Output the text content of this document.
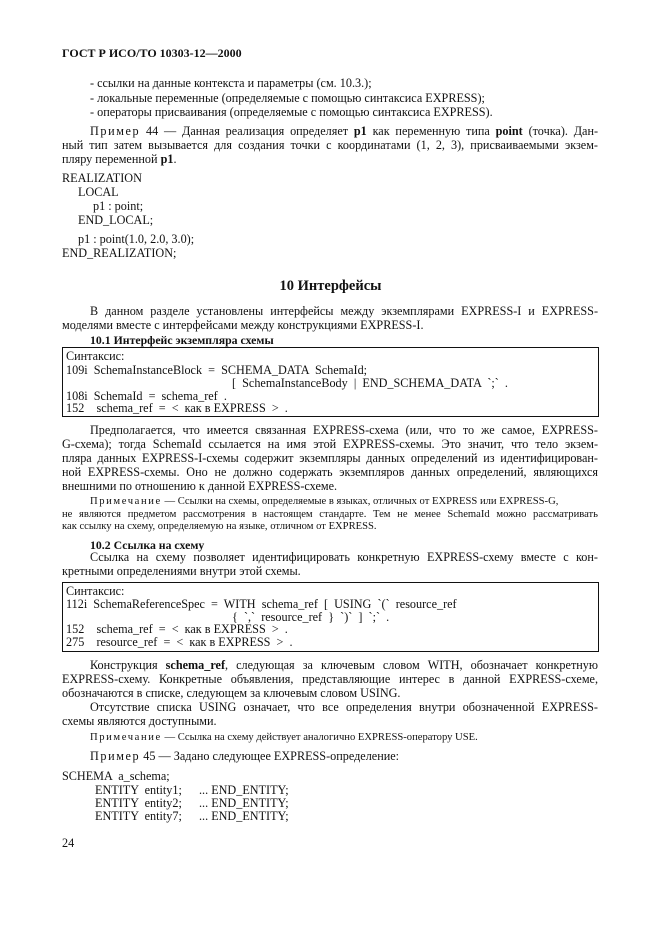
ГОСТ Р ИСО/ТО 10303-12—2000
- ссылки на данные контекста и параметры (см. 10.3.);
- локальные переменные (определяемые с помощью синтаксиса EXPRESS);
- операторы присваивания (определяемые с помощью синтаксиса EXPRESS).
Пример 44 — Данная реализация определяет p1 как переменную типа point (точка). Дан-
ный тип затем вызывается для создания точки с координатами (1, 2, 3), присваиваемыми экзем-
пляру переменной p1.
REALIZATION
LOCAL
p1 : point;
END_LOCAL;
p1 : point(1.0, 2.0, 3.0);
END_REALIZATION;
10 Интерфейсы
В данном разделе установлены интерфейсы между экземплярами EXPRESS-I и EXPRESS-
моделями вместе с интерфейсами между конструкциями EXPRESS-I.
10.1 Интерфейс экземпляра схемы
Синтаксис:
109i  SchemaInstanceBlock  =  SCHEMA_DATA  SchemaId;
[  SchemaInstanceBody  |  END_SCHEMA_DATA  `;`  .
108i  SchemaId  =  schema_ref  .
152    schema_ref  =  <  как в EXPRESS  >  .
Предполагается, что имеется связанная EXPRESS-схема (или, что то же самое, EXPRESS-
G-схема); тогда SchemaId ссылается на имя этой EXPRESS-схемы. Это значит, что тело экзем-
пляра данных EXPRESS-I-схемы содержит экземпляры данных определений из идентифицирован-
ной EXPRESS-схемы. Оно не должно содержать экземпляров данных определений, являющихся
внешними по отношению к данной EXPRESS-схеме.
Примечание — Ссылки на схемы, определяемые в языках, отличных от EXPRESS или EXPRESS-G,
не являются предметом рассмотрения в настоящем стандарте. Тем не менее SchemaId можно рассматривать
как ссылку на схему, определяемую на языке, отличном от EXPRESS.
10.2 Ссылка на схему
Ссылка на схему позволяет идентифицировать конкретную EXPRESS-схему вместе с кон-
кретными определениями внутри этой схемы.
Синтаксис:
112i  SchemaReferenceSpec  =  WITH  schema_ref  [  USING  `(`  resource_ref
{  `,`  resource_ref  }  `)`  ]  `;`  .
152    schema_ref  =  <  как в EXPRESS  >  .
275    resource_ref  =  <  как в EXPRESS  >  .
Конструкция schema_ref, следующая за ключевым словом WITH, обозначает конкретную
EXPRESS-схему. Конкретные объявления, представляющие интерес в данной EXPRESS-схеме,
обозначаются в списке, следующем за ключевым словом USING.
Отсутствие списка USING означает, что все определения внутри обозначенной EXPRESS-
схемы являются доступными.
Примечание — Ссылка на схему действует аналогично EXPRESS-оператору USE.
Пример 45 — Задано следующее EXPRESS-определение:
SCHEMA  a_schema;
ENTITY  entity1; ... END_ENTITY;
ENTITY  entity2; ... END_ENTITY;
ENTITY  entity7; ... END_ENTITY;
24
